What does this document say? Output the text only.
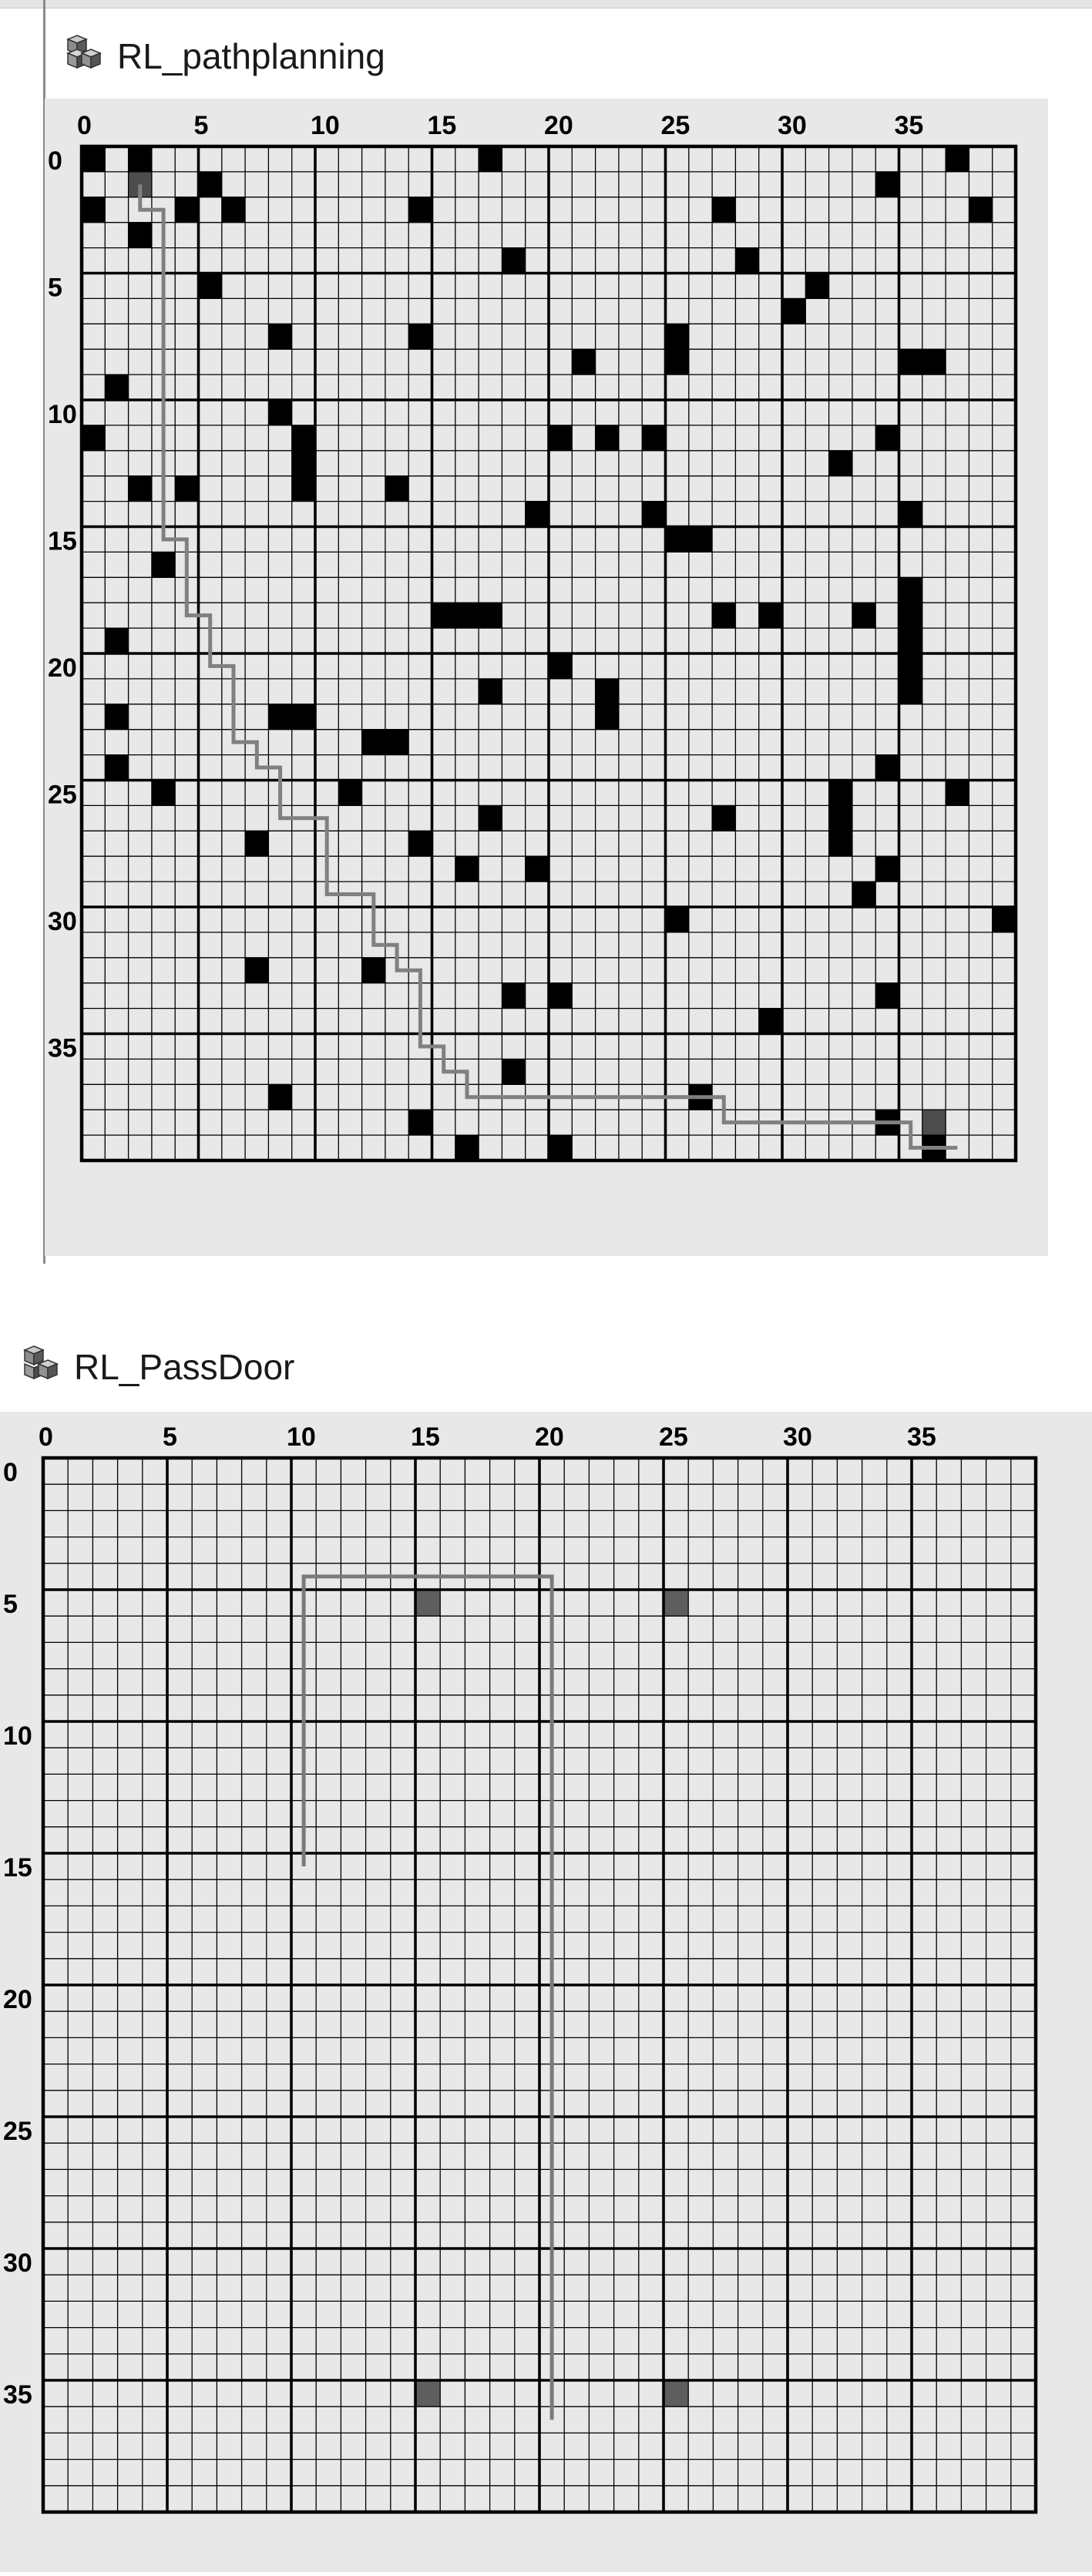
RL_pathplanning
0	5	10	15	20	25	30	35
0
5
10
15
20
25
30
35
RL_PassDoor
0	5	10	15	20	25	30	35
0
5
10
15
20
25
30
35
